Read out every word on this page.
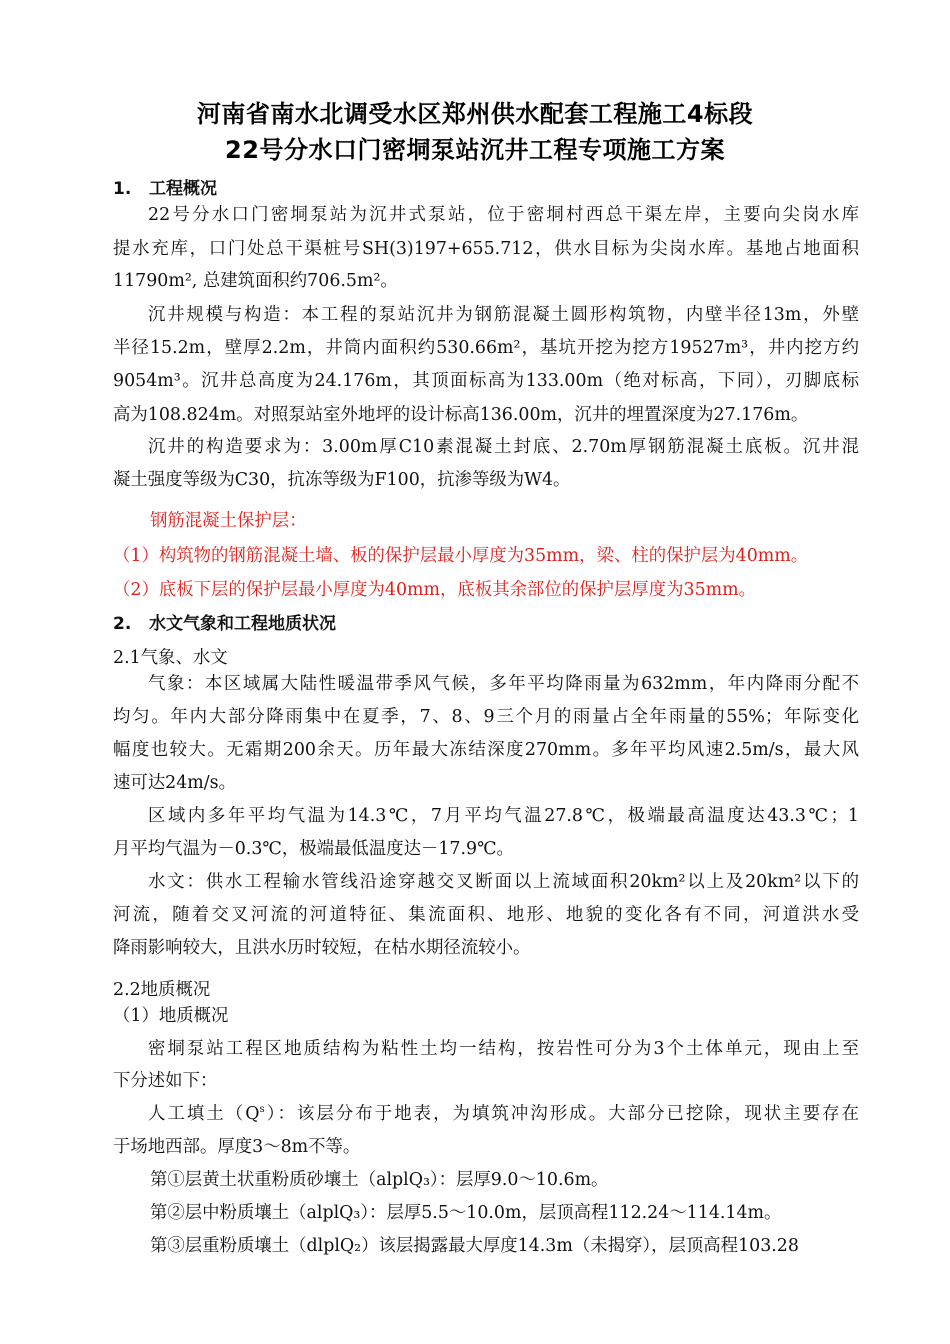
河南省南水北调受水区郑州供水配套工程施工4标段
22号分水口门密垌泵站沉井工程专项施工方案
1. 工程概况
22号分水口门密垌泵站为沉井式泵站，位于密垌村西总干渠左岸，主要向尖岗水库
提水充库，口门处总干渠桩号SH(3)197+655.712，供水目标为尖岗水库。基地占地面积
11790m², 总建筑面积约706.5m²。
沉井规模与构造：本工程的泵站沉井为钢筋混凝土圆形构筑物，内壁半径13m，外壁
半径15.2m，壁厚2.2m，井筒内面积约530.66m²，基坑开挖为挖方19527m³，井内挖方约
9054m³。沉井总高度为24.176m，其顶面标高为133.00m（绝对标高，下同），刃脚底标
高为108.824m。对照泵站室外地坪的设计标高136.00m，沉井的埋置深度为27.176m。
沉井的构造要求为：3.00m厚C10素混凝土封底、2.70m厚钢筋混凝土底板。沉井混
凝土强度等级为C30，抗冻等级为F100，抗渗等级为W4。
钢筋混凝土保护层：
（1）构筑物的钢筋混凝土墙、板的保护层最小厚度为35mm，梁、柱的保护层为40mm。
（2）底板下层的保护层最小厚度为40mm，底板其余部位的保护层厚度为35mm。
2. 水文气象和工程地质状况
2.1气象、水文
气象：本区域属大陆性暖温带季风气候，多年平均降雨量为632mm，年内降雨分配不
均匀。年内大部分降雨集中在夏季，7、8、9三个月的雨量占全年雨量的55%；年际变化
幅度也较大。无霜期200余天。历年最大冻结深度270mm。多年平均风速2.5m/s，最大风
速可达24m/s。
区域内多年平均气温为14.3℃，7月平均气温27.8℃，极端最高温度达43.3℃；1
月平均气温为－0.3℃，极端最低温度达－17.9℃。
水文：供水工程输水管线沿途穿越交叉断面以上流域面积20km²以上及20km²以下的
河流，随着交叉河流的河道特征、集流面积、地形、地貌的变化各有不同，河道洪水受
降雨影响较大，且洪水历时较短，在枯水期径流较小。
2.2地质概况
（1）地质概况
密垌泵站工程区地质结构为粘性土均一结构，按岩性可分为3个土体单元，现由上至
下分述如下：
人工填土$(Q^s)$：该层分布于地表，为填筑冲沟形成。大部分已挖除，现状主要存在
于场地西部。厚度3～8m不等。
第①层黄土状重粉质砂壤土（alplQ₃）：层厚9.0～10.6m。
第②层中粉质壤土（alplQ₃）：层厚5.5～10.0m，层顶高程112.24～114.14m。
第③层重粉质壤土（dlplQ₂）该层揭露最大厚度14.3m（未揭穿），层顶高程103.28
